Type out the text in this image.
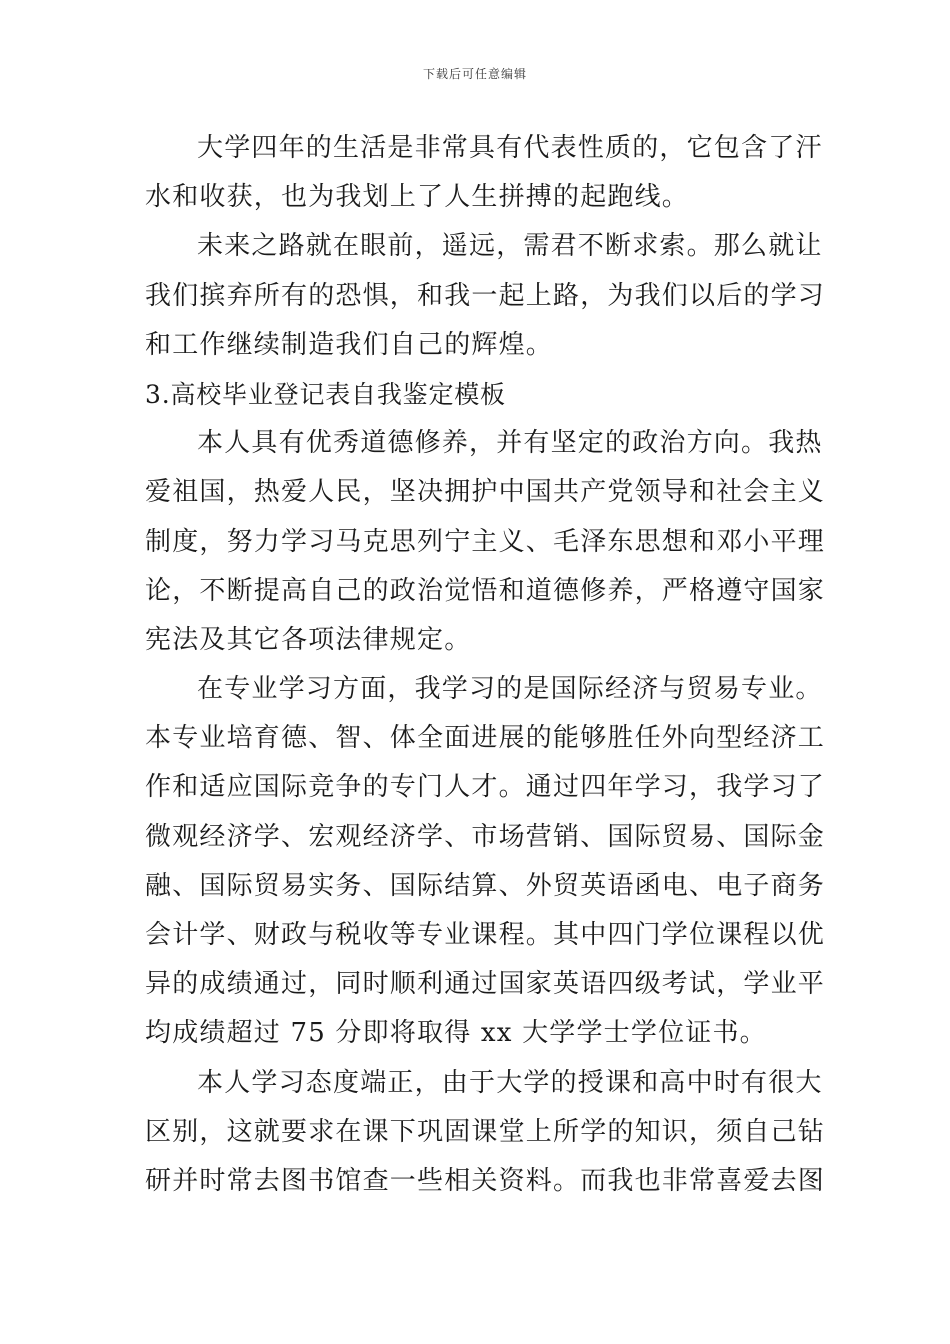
下载后可任意编辑
大学四年的生活是非常具有代表性质的，它包含了汗
水和收获，也为我划上了人生拼搏的起跑线。
未来之路就在眼前，遥远，需君不断求索。那么就让
我们摈弃所有的恐惧，和我一起上路，为我们以后的学习
和工作继续制造我们自己的辉煌。
3.高校毕业登记表自我鉴定模板
本人具有优秀道德修养，并有坚定的政治方向。我热
爱祖国，热爱人民，坚决拥护中国共产党领导和社会主义
制度，努力学习马克思列宁主义、毛泽东思想和邓小平理
论，不断提高自己的政治觉悟和道德修养，严格遵守国家
宪法及其它各项法律规定。
在专业学习方面，我学习的是国际经济与贸易专业。
本专业培育德、智、体全面进展的能够胜任外向型经济工
作和适应国际竞争的专门人才。通过四年学习，我学习了
微观经济学、宏观经济学、市场营销、国际贸易、国际金
融、国际贸易实务、国际结算、外贸英语函电、电子商务
会计学、财政与税收等专业课程。其中四门学位课程以优
异的成绩通过，同时顺利通过国家英语四级考试，学业平
均成绩超过 75 分即将取得 xx 大学学士学位证书。
本人学习态度端正，由于大学的授课和高中时有很大
区别，这就要求在课下巩固课堂上所学的知识，须自己钻
研并时常去图书馆查一些相关资料。而我也非常喜爱去图
